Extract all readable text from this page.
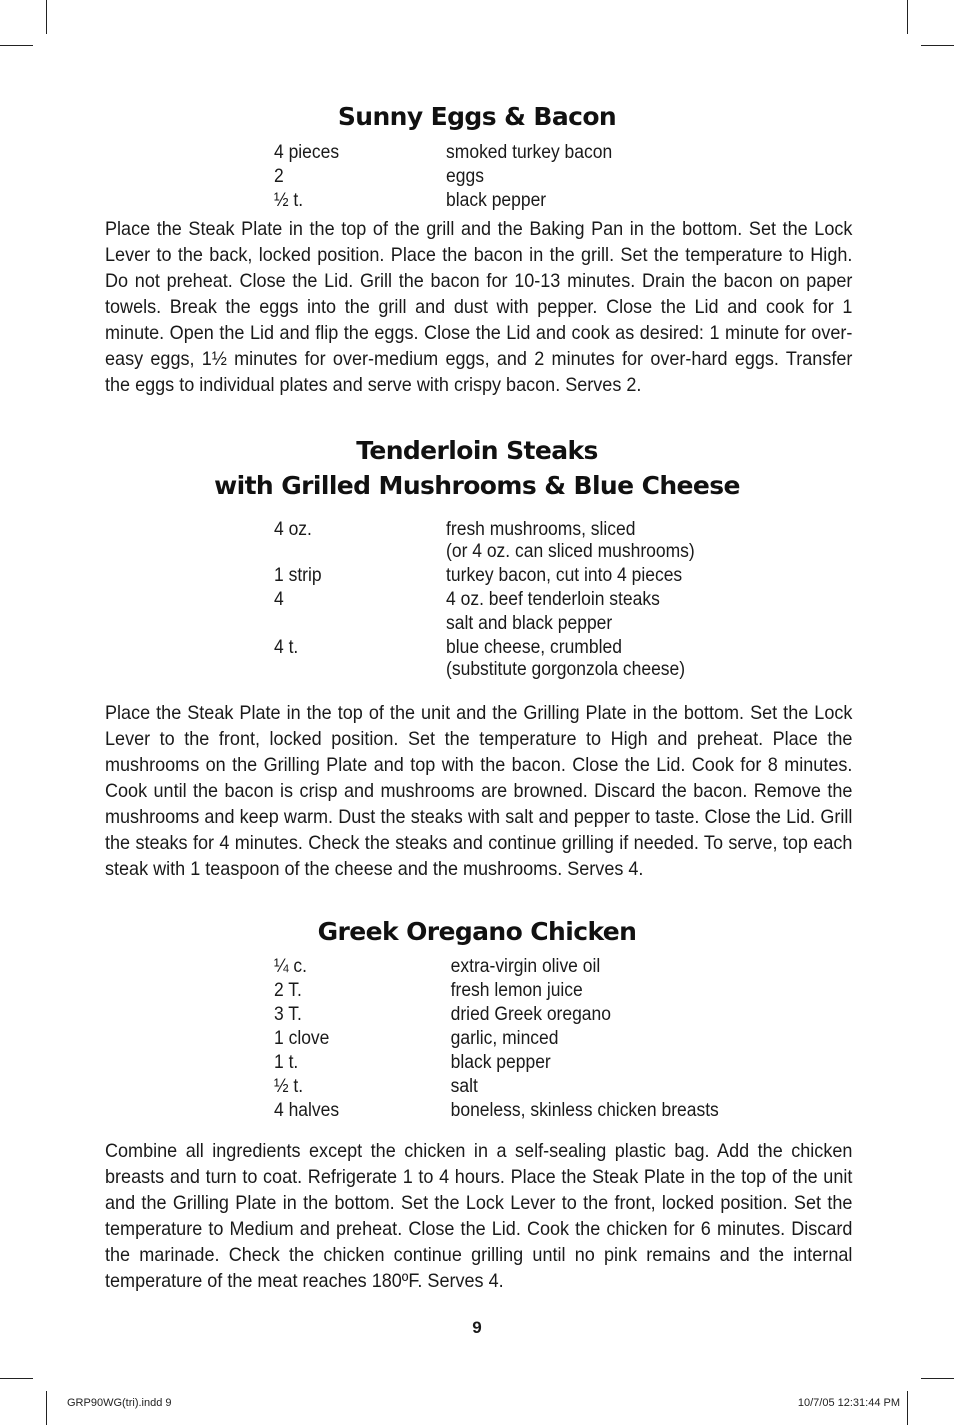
Sunny Eggs & Bacon
4 pieces	smoked turkey bacon
2	eggs
½ t.	black pepper
Place the Steak Plate in the top of the grill and the Baking Pan in the bottom. Set the Lock Lever to the back, locked position. Place the bacon in the grill. Set the temperature to High. Do not preheat. Close the Lid. Grill the bacon for 10-13 minutes. Drain the bacon on paper towels. Break the eggs into the grill and dust with pepper. Close the Lid and cook for 1 minute. Open the Lid and flip the eggs. Close the Lid and cook as desired: 1 minute for over-easy eggs, 1½ minutes for over-medium eggs, and 2 minutes for over-hard eggs. Transfer the eggs to individual plates and serve with crispy bacon. Serves 2.
Tenderloin Steaks
with Grilled Mushrooms & Blue Cheese
4 oz.	fresh mushrooms, sliced
(or 4 oz. can sliced mushrooms)
1 strip	turkey bacon, cut into 4 pieces
4	4 oz. beef tenderloin steaks
salt and black pepper
4 t.	blue cheese, crumbled
(substitute gorgonzola cheese)
Place the Steak Plate in the top of the unit and the Grilling Plate in the bottom. Set the Lock Lever to the front, locked position. Set the temperature to High and preheat. Place the mushrooms on the Grilling Plate and top with the bacon. Close the Lid. Cook for 8 minutes. Cook until the bacon is crisp and mushrooms are browned. Discard the bacon. Remove the mushrooms and keep warm. Dust the steaks with salt and pepper to taste. Close the Lid. Grill the steaks for 4 minutes. Check the steaks and continue grilling if needed. To serve, top each steak with 1 teaspoon of the cheese and the mushrooms. Serves 4.
Greek Oregano Chicken
¼ c.	extra-virgin olive oil
2 T.	fresh lemon juice
3 T.	dried Greek oregano
1 clove	garlic, minced
1 t.	black pepper
½ t.	salt
4 halves	boneless, skinless chicken breasts
Combine all ingredients except the chicken in a self-sealing plastic bag. Add the chicken breasts and turn to coat. Refrigerate 1 to 4 hours. Place the Steak Plate in the top of the unit and the Grilling Plate in the bottom. Set the Lock Lever to the front, locked position. Set the temperature to Medium and preheat. Close the Lid. Cook the chicken for 6 minutes. Discard the marinade. Check the chicken continue grilling until no pink remains and the internal temperature of the meat reaches 180ºF. Serves 4.
9
GRP90WG(tri).indd 9	10/7/05 12:31:44 PM
